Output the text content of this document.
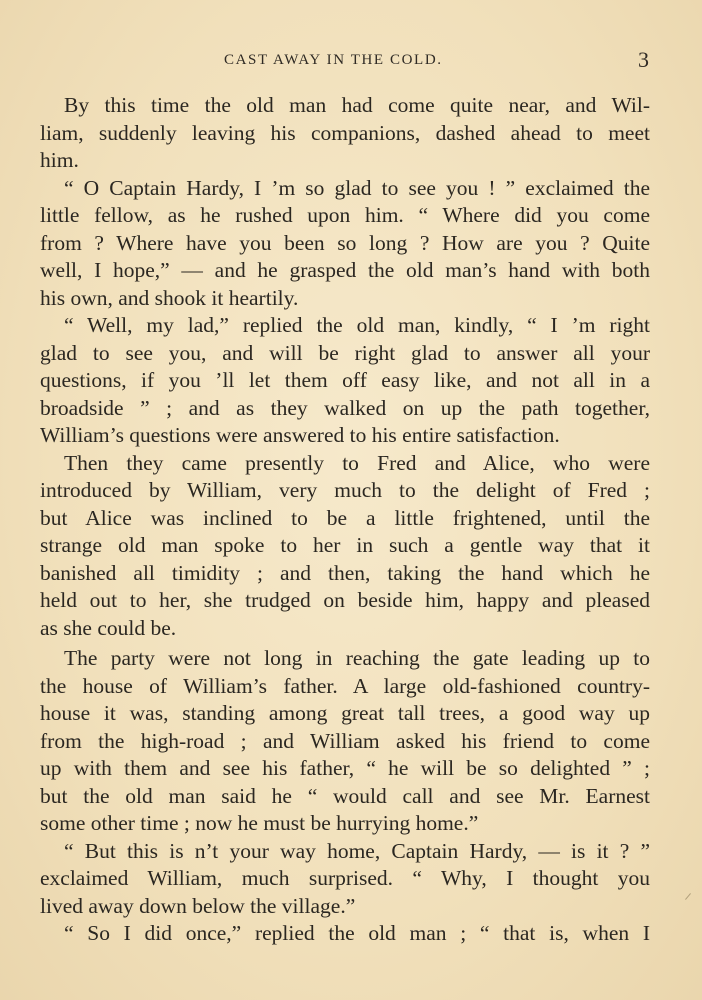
CAST AWAY IN THE COLD.	3
By this time the old man had come quite near, and Wil-
liam, suddenly leaving his companions, dashed ahead to meet
him.
“ O Captain Hardy, I ’m so glad to see you ! ” exclaimed the
little fellow, as he rushed upon him. “ Where did you come
from ? Where have you been so long ? How are you ? Quite
well, I hope,” — and he grasped the old man’s hand with both
his own, and shook it heartily.
“ Well, my lad,” replied the old man, kindly, “ I ’m right
glad to see you, and will be right glad to answer all your
questions, if you ’ll let them off easy like, and not all in a
broadside ” ; and as they walked on up the path together,
William’s questions were answered to his entire satisfaction.
Then they came presently to Fred and Alice, who were
introduced by William, very much to the delight of Fred ;
but Alice was inclined to be a little frightened, until the
strange old man spoke to her in such a gentle way that it
banished all timidity ; and then, taking the hand which he
held out to her, she trudged on beside him, happy and pleased
as she could be.
The party were not long in reaching the gate leading up to
the house of William’s father. A large old-fashioned country-
house it was, standing among great tall trees, a good way up
from the high-road ; and William asked his friend to come
up with them and see his father, “ he will be so delighted ” ;
but the old man said he “ would call and see Mr. Earnest
some other time ; now he must be hurrying home.”
“ But this is n’t your way home, Captain Hardy, — is it ? ”
exclaimed William, much surprised. “ Why, I thought you
lived away down below the village.”
“ So I did once,” replied the old man ; “ that is, when I
